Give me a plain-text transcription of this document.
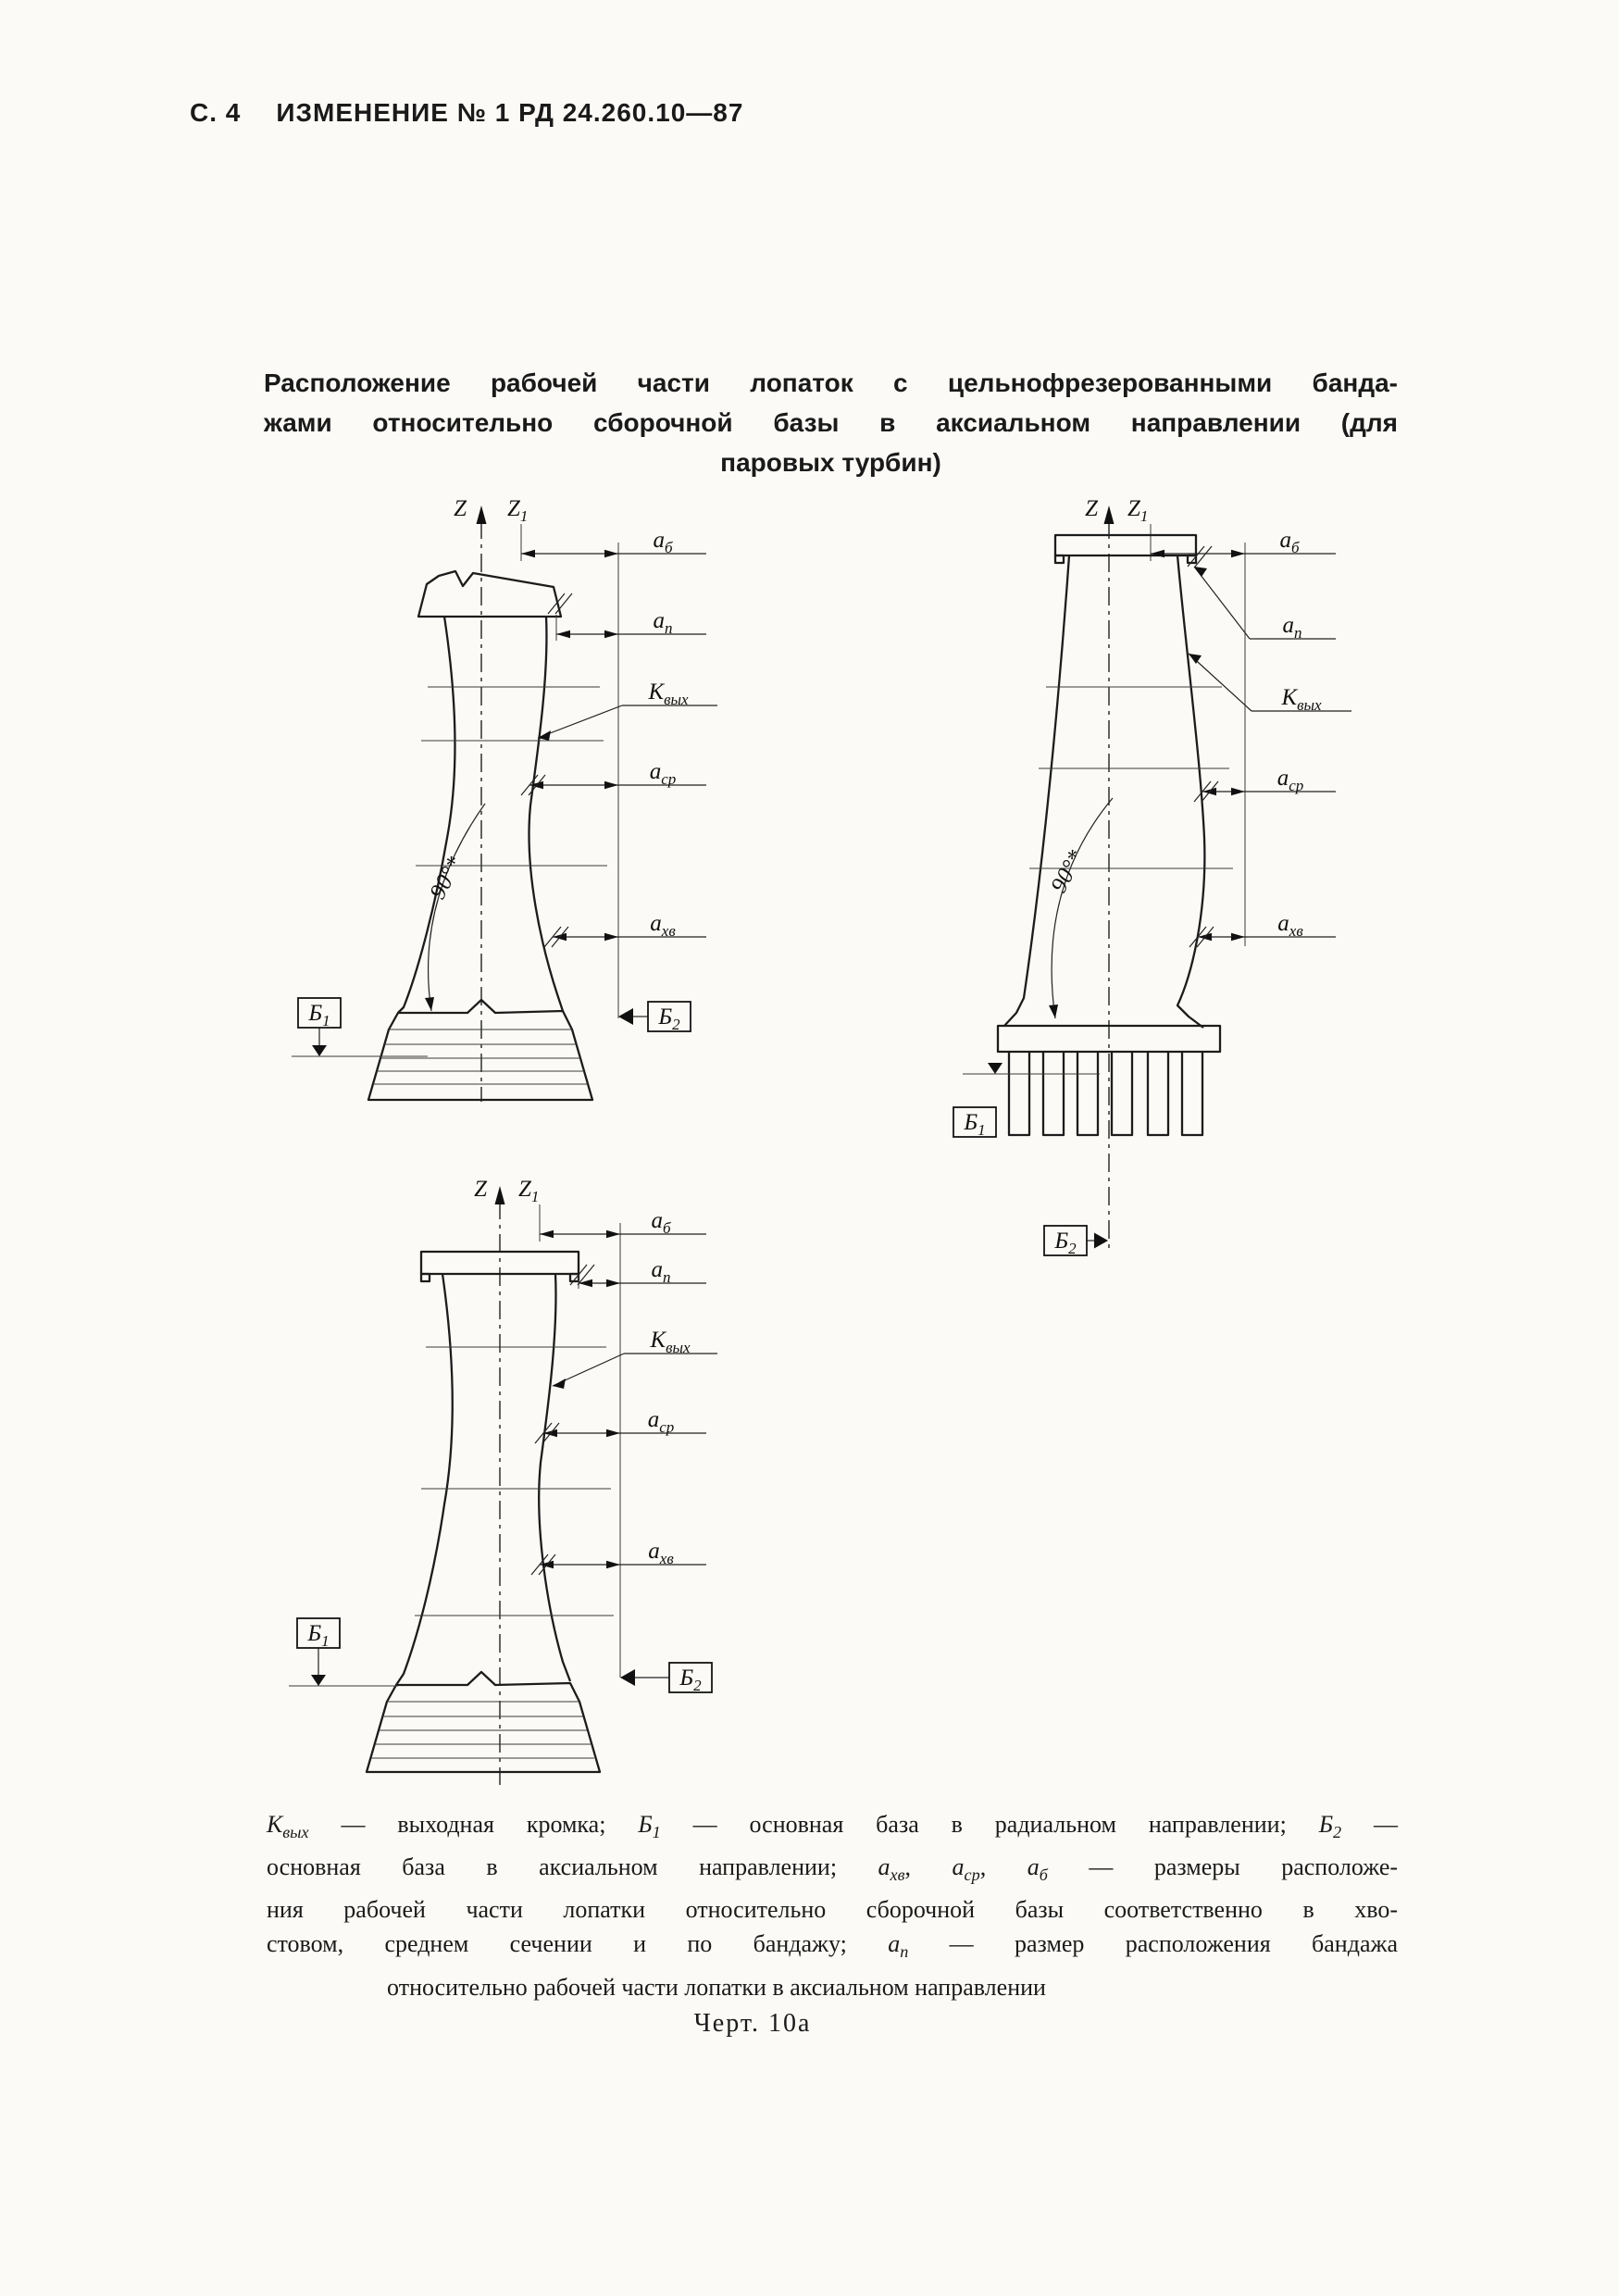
С. 4 ИЗМЕНЕНИЕ № 1 РД 24.260.10—87
Расположение рабочей части лопаток с цельнофрезерованными банда-
жами относительно сборочной базы в аксиальном направлении (для
паровых турбин)
Z $Z_1$
$а_б$
$а_п$
$К_{вых}$
$а_{ср}$
$а_{хв}$
90°*
$Б_1$	$Б_2$
Z $Z_1$
$а_б$
$а_п$
$К_{вых}$
$а_{ср}$
$а_{хв}$
90°*
$Б_1$
$Б_2$
Z $Z_1$
$а_б$
$а_п$
$К_{вых}$
$а_{ср}$
$а_{хв}$
$Б_1$
$Б_2$
$К_{вых}$ — выходная кромка; $Б_1$ — основная база в радиальном направлении; $Б_2$ —
основная база в аксиальном направлении; $а_{хв}$, $а_{ср}$, $а_б$ — размеры расположе-
ния рабочей части лопатки относительно сборочной базы соответственно в хво-
стовом, среднем сечении и по бандажу; $а_п$ — размер расположения бандажа
относительно рабочей части лопатки в аксиальном направлении
Черт. 10а
